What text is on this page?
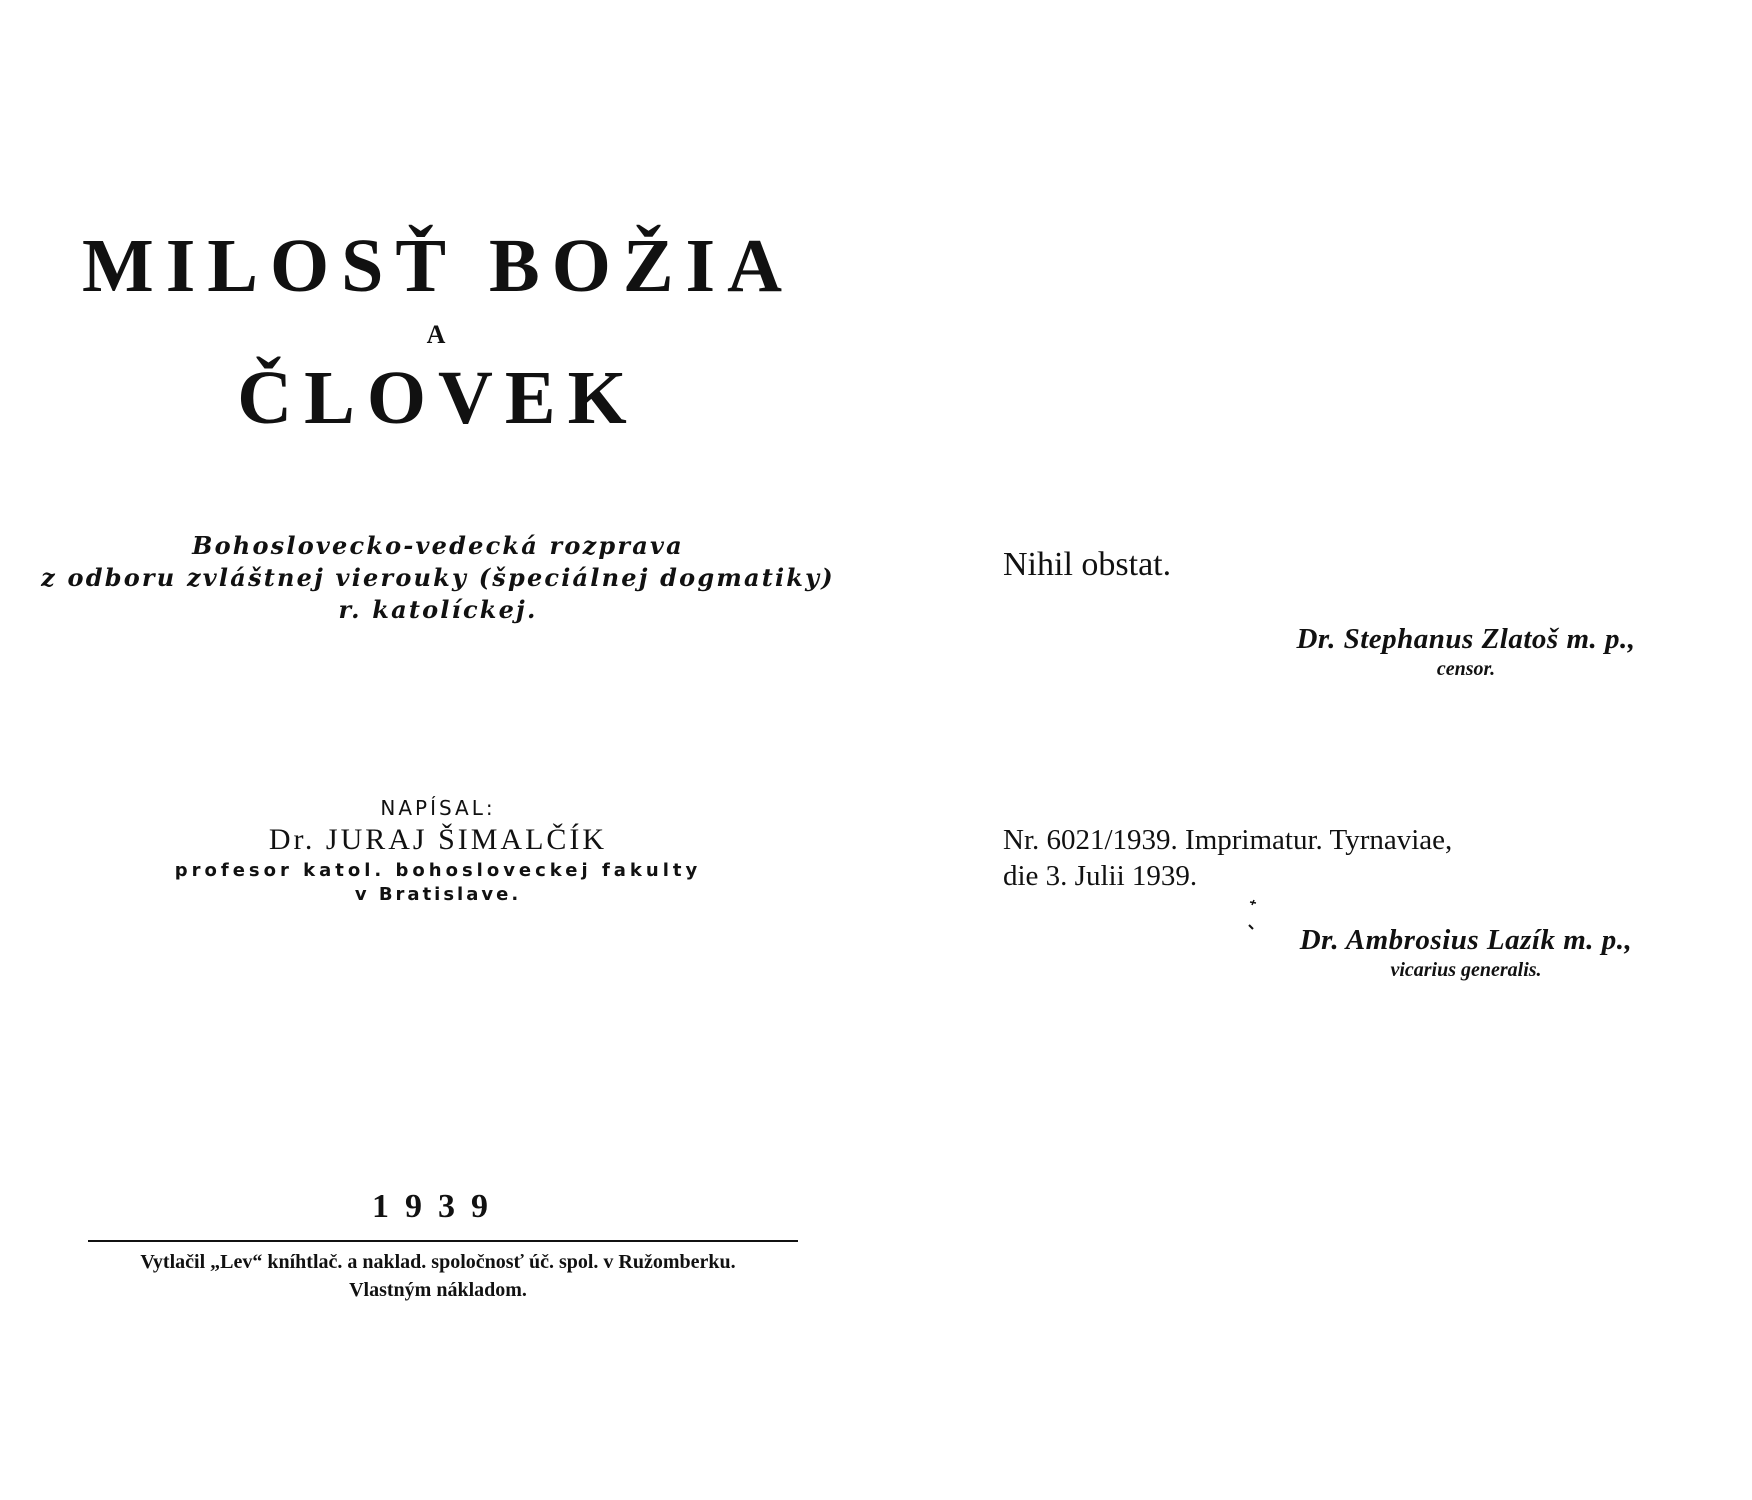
MILOSŤ BOŽIA
A
ČLOVEK
Bohoslovecko-vedecká rozprava
z odboru zvláštnej vierouky (špeciálnej dogmatiky)
r. katolíckej.
NAPÍSAL:
Dr. JURAJ ŠIMALČÍK
profesor katol. bohosloveckej fakulty
v Bratislave.
1939
Vytlačil „Lev“ kníhtlač. a naklad. spoločnosť úč. spol. v Ružomberku.
Vlastným nákladom.
Nihil obstat.
Dr. Stephanus Zlatoš m. p.,
censor.
Nr. 6021/1939. Imprimatur. Tyrnaviae,
die 3. Julii 1939.
Dr. Ambrosius Lazík m. p.,
vicarius generalis.
